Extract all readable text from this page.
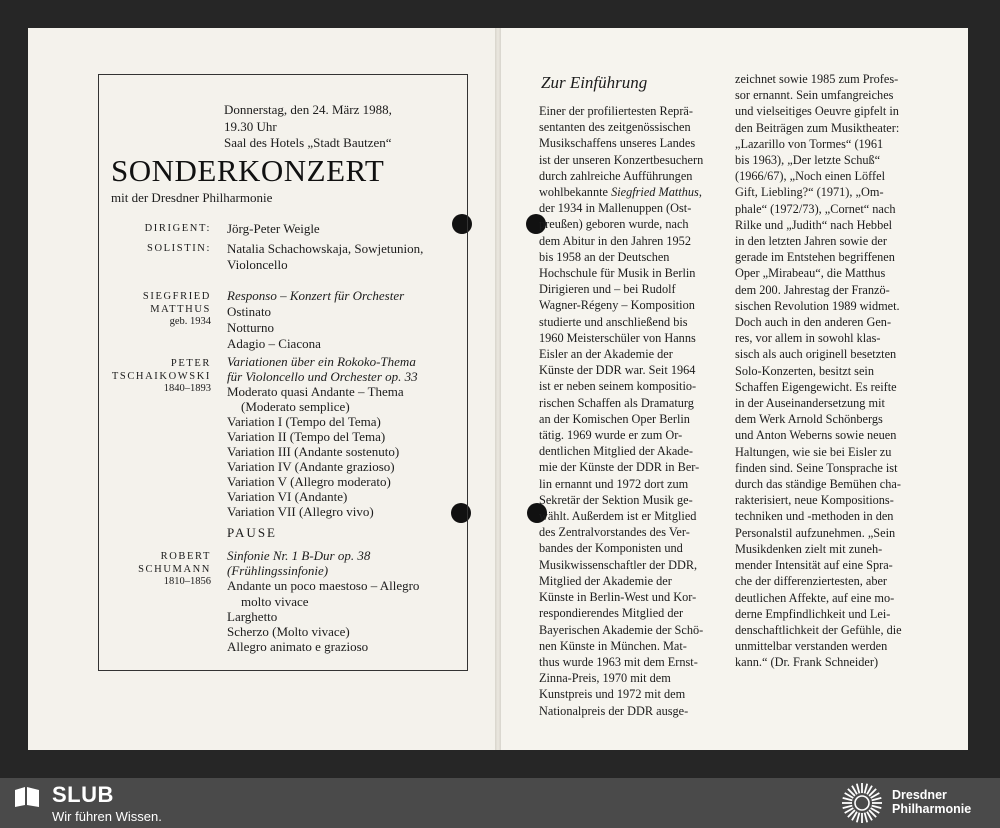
Donnerstag, den 24. März 1988,
19.30 Uhr
Saal des Hotels „Stadt Bautzen“
SONDERKONZERT
mit der Dresdner Philharmonie
DIRIGENT: Jörg-Peter Weigle
SOLISTIN: Natalia Schachowskaja, Sowjetunion,
Violoncello
SIEGFRIED
MATTHUS
geb. 1934
Responso – Konzert für Orchester
Ostinato
Notturno
Adagio – Ciacona
PETER
TSCHAIKOWSKI
1840–1893
Variationen über ein Rokoko-Thema
für Violoncello und Orchester op. 33
Moderato quasi Andante – Thema
(Moderato semplice)
Variation I (Tempo del Tema)
Variation II (Tempo del Tema)
Variation III (Andante sostenuto)
Variation IV (Andante grazioso)
Variation V (Allegro moderato)
Variation VI (Andante)
Variation VII (Allegro vivo)
PAUSE
ROBERT
SCHUMANN
1810–1856
Sinfonie Nr. 1 B-Dur op. 38
(Frühlingssinfonie)
Andante un poco maestoso – Allegro
molto vivace
Larghetto
Scherzo (Molto vivace)
Allegro animato e grazioso
Zur Einführung

Einer der profiliertesten Reprä-

sentanten des zeitgenössischen

Musikschaffens unseres Landes

ist der unseren Konzertbesuchern

durch zahlreiche Aufführungen

wohlbekannte Siegfried Matthus,

der 1934 in Mallenuppen (Ost-

preußen) geboren wurde, nach

dem Abitur in den Jahren 1952

bis 1958 an der Deutschen

Hochschule für Musik in Berlin

Dirigieren und – bei Rudolf

Wagner-Régeny – Komposition

studierte und anschließend bis

1960 Meisterschüler von Hanns

Eisler an der Akademie der

Künste der DDR war. Seit 1964

ist er neben seinem kompositio-

rischen Schaffen als Dramaturg

an der Komischen Oper Berlin

tätig. 1969 wurde er zum Or-

dentlichen Mitglied der Akade-

mie der Künste der DDR in Ber-

lin ernannt und 1972 dort zum

Sekretär der Sektion Musik ge-

wählt. Außerdem ist er Mitglied

des Zentralvorstandes des Ver-

bandes der Komponisten und

Musikwissenschaftler der DDR,

Mitglied der Akademie der

Künste in Berlin-West und Kor-

respondierendes Mitglied der

Bayerischen Akademie der Schö-

nen Künste in München. Mat-

thus wurde 1963 mit dem Ernst-

Zinna-Preis, 1970 mit dem

Kunstpreis und 1972 mit dem

Nationalpreis der DDR ausge-

zeichnet sowie 1985 zum Profes-

sor ernannt. Sein umfangreiches

und vielseitiges Oeuvre gipfelt in

den Beiträgen zum Musiktheater:

„Lazarillo von Tormes“ (1961

bis 1963), „Der letzte Schuß“

(1966/67), „Noch einen Löffel

Gift, Liebling?“ (1971), „Om-

phale“ (1972/73), „Cornet“ nach

Rilke und „Judith“ nach Hebbel

in den letzten Jahren sowie der

gerade im Entstehen begriffenen

Oper „Mirabeau“, die Matthus

dem 200. Jahrestag der Franzö-

sischen Revolution 1989 widmet.

Doch auch in den anderen Gen-

res, vor allem in sowohl klas-

sisch als auch originell besetzten

Solo-Konzerten, besitzt sein

Schaffen Eigengewicht. Es reifte

in der Auseinandersetzung mit

dem Werk Arnold Schönbergs

und Anton Weberns sowie neuen

Haltungen, wie sie bei Eisler zu

finden sind. Seine Tonsprache ist

durch das ständige Bemühen cha-

rakterisiert, neue Kompositions-

techniken und -methoden in den

Personalstil aufzunehmen. „Sein

Musikdenken zielt mit zuneh-

mender Intensität auf eine Spra-

che der differenziertesten, aber

deutlichen Affekte, auf eine mo-

derne Empfindlichkeit und Lei-

denschaftlichkeit der Gefühle, die

unmittelbar verstanden werden

kann.“ (Dr. Frank Schneider)

SLUB
Wir führen Wissen.
Dresdner
Philharmonie
